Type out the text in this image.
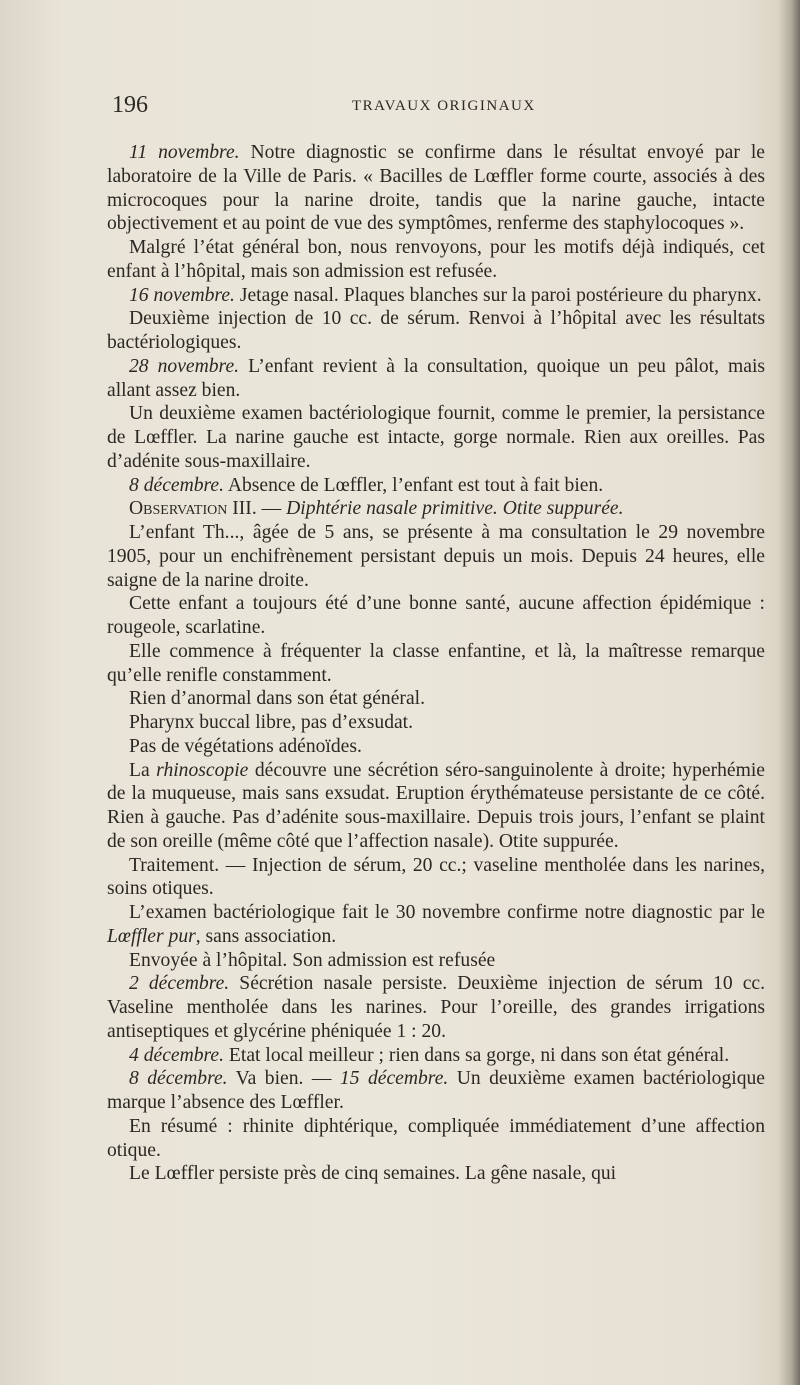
196	TRAVAUX ORIGINAUX

11 novembre. Notre diagnostic se confirme dans le résultat envoyé par le laboratoire de la Ville de Paris. « Bacilles de Lœffler forme courte, associés à des microcoques pour la narine droite, tandis que la narine gauche, intacte objectivement et au point de vue des symptômes, renferme des staphylocoques ».

Malgré l’état général bon, nous renvoyons, pour les motifs déjà indiqués, cet enfant à l’hôpital, mais son admission est refusée.

16 novembre. Jetage nasal. Plaques blanches sur la paroi postérieure du pharynx.

Deuxième injection de 10 cc. de sérum. Renvoi à l’hôpital avec les résultats bactériologiques.

28 novembre. L’enfant revient à la consultation, quoique un peu pâlot, mais allant assez bien.

Un deuxième examen bactériologique fournit, comme le premier, la persistance de Lœffler. La narine gauche est intacte, gorge normale. Rien aux oreilles. Pas d’adénite sous-maxillaire.

8 décembre. Absence de Lœffler, l’enfant est tout à fait bien.

Observation III. — Diphtérie nasale primitive. Otite suppurée.

L’enfant Th..., âgée de 5 ans, se présente à ma consultation le 29 novembre 1905, pour un enchifrènement persistant depuis un mois. Depuis 24 heures, elle saigne de la narine droite.

Cette enfant a toujours été d’une bonne santé, aucune affection épidémique : rougeole, scarlatine.

Elle commence à fréquenter la classe enfantine, et là, la maîtresse remarque qu’elle renifle constamment.

Rien d’anormal dans son état général.

Pharynx buccal libre, pas d’exsudat.

Pas de végétations adénoïdes.

La rhinoscopie découvre une sécrétion séro-sanguinolente à droite; hyperhémie de la muqueuse, mais sans exsudat. Eruption érythémateuse persistante de ce côté. Rien à gauche. Pas d’adénite sous-maxillaire. Depuis trois jours, l’enfant se plaint de son oreille (même côté que l’affection nasale). Otite suppurée.

Traitement. — Injection de sérum, 20 cc.; vaseline mentholée dans les narines, soins otiques.

L’examen bactériologique fait le 30 novembre confirme notre diagnostic par le Lœffler pur, sans association.

Envoyée à l’hôpital. Son admission est refusée

2 décembre. Sécrétion nasale persiste. Deuxième injection de sérum 10 cc. Vaseline mentholée dans les narines. Pour l’oreille, des grandes irrigations antiseptiques et glycérine phéniquée 1 : 20.

4 décembre. Etat local meilleur ; rien dans sa gorge, ni dans son état général.

8 décembre. Va bien. — 15 décembre. Un deuxième examen bactériologique marque l’absence des Lœffler.

En résumé : rhinite diphtérique, compliquée immédiatement d’une affection otique.

Le Lœffler persiste près de cinq semaines. La gêne nasale, qui
